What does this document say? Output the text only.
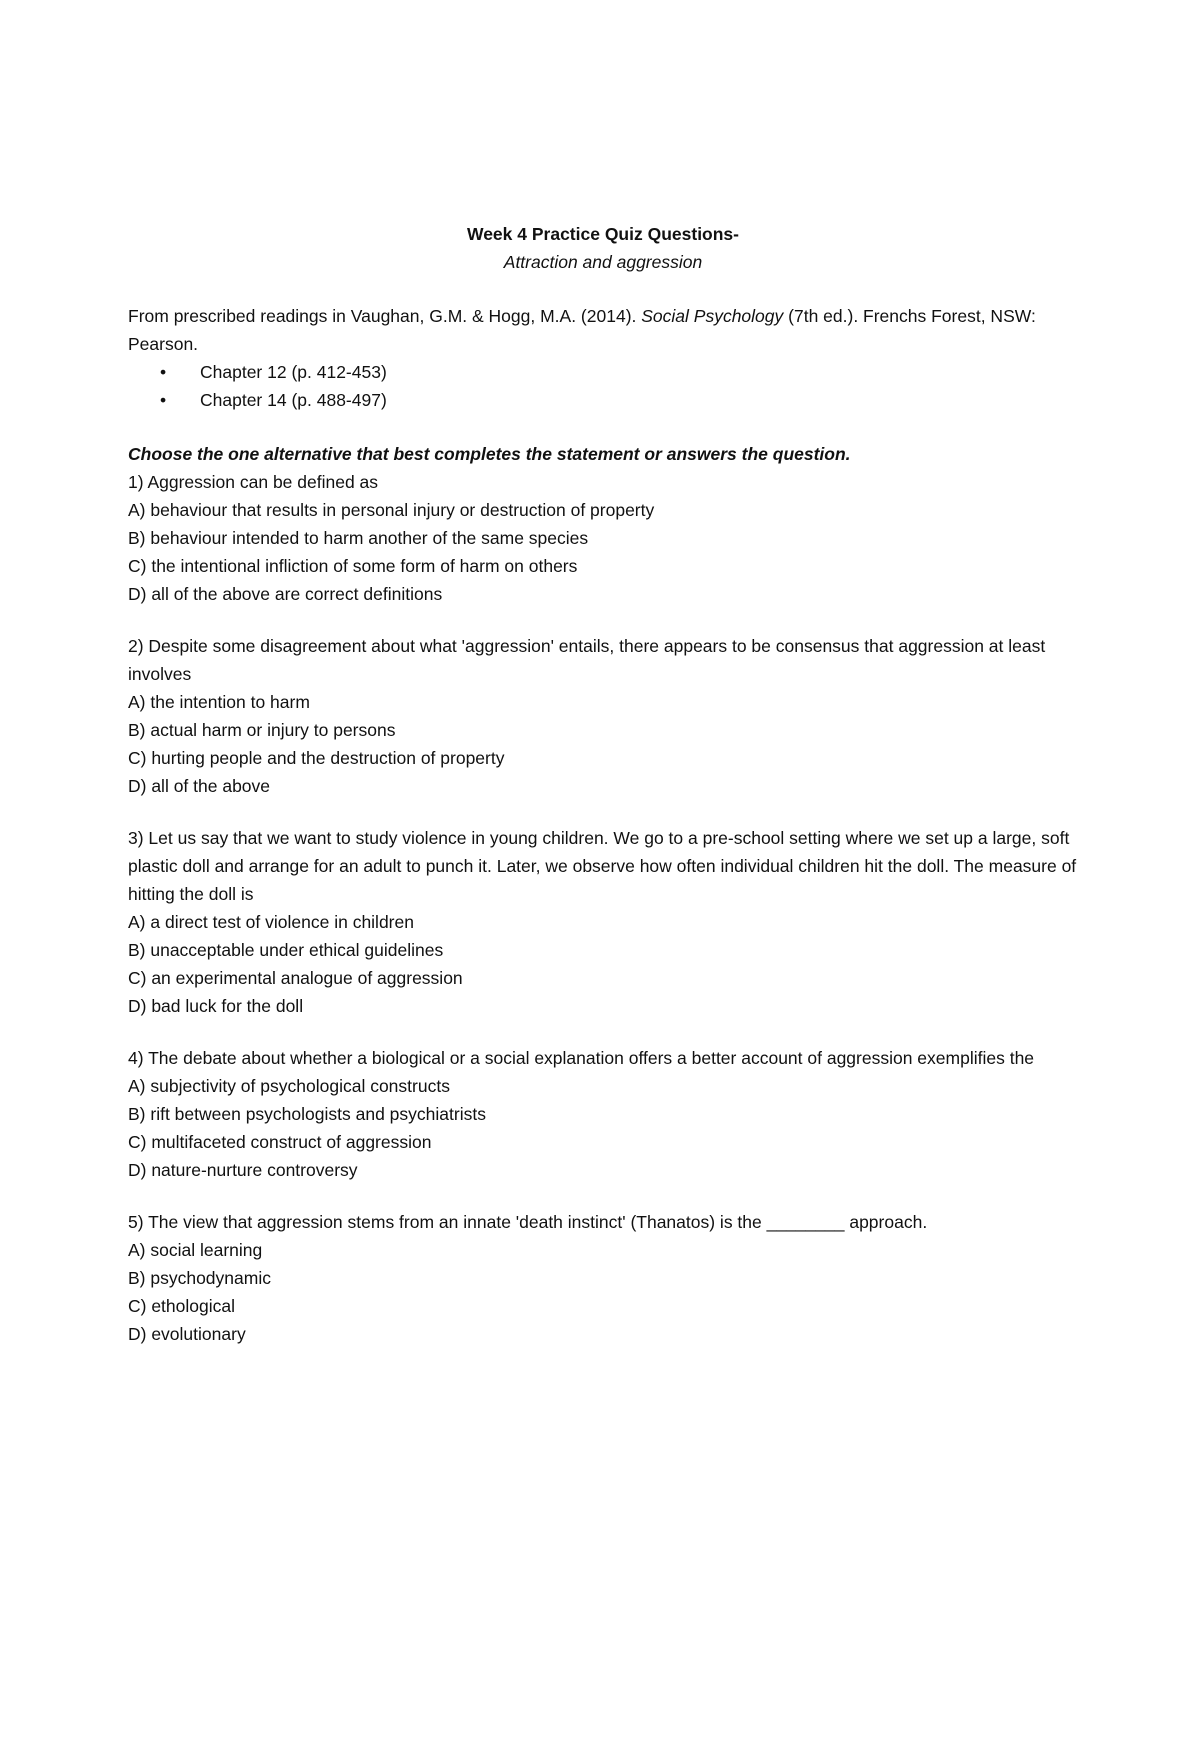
Week 4 Practice Quiz Questions-

Attraction and aggression

From prescribed readings in Vaughan, G.M. & Hogg, M.A. (2014). Social Psychology (7th ed.). Frenchs Forest, NSW: Pearson.

• Chapter 12 (p. 412-453)
• Chapter 14 (p. 488-497)

Choose the one alternative that best completes the statement or answers the question.

1) Aggression can be defined as

A) behaviour that results in personal injury or destruction of property

B) behaviour intended to harm another of the same species

C) the intentional infliction of some form of harm on others

D) all of the above are correct definitions

2) Despite some disagreement about what 'aggression' entails, there appears to be consensus that aggression at least involves

A) the intention to harm

B) actual harm or injury to persons

C) hurting people and the destruction of property

D) all of the above

3) Let us say that we want to study violence in young children. We go to a pre-school setting where we set up a large, soft plastic doll and arrange for an adult to punch it. Later, we observe how often individual children hit the doll. The measure of hitting the doll is

A) a direct test of violence in children

B) unacceptable under ethical guidelines

C) an experimental analogue of aggression

D) bad luck for the doll

4) The debate about whether a biological or a social explanation offers a better account of aggression exemplifies the

A) subjectivity of psychological constructs

B) rift between psychologists and psychiatrists

C) multifaceted construct of aggression

D) nature-nurture controversy

5) The view that aggression stems from an innate 'death instinct' (Thanatos) is the ________ approach.

A) social learning

B) psychodynamic

C) ethological

D) evolutionary
